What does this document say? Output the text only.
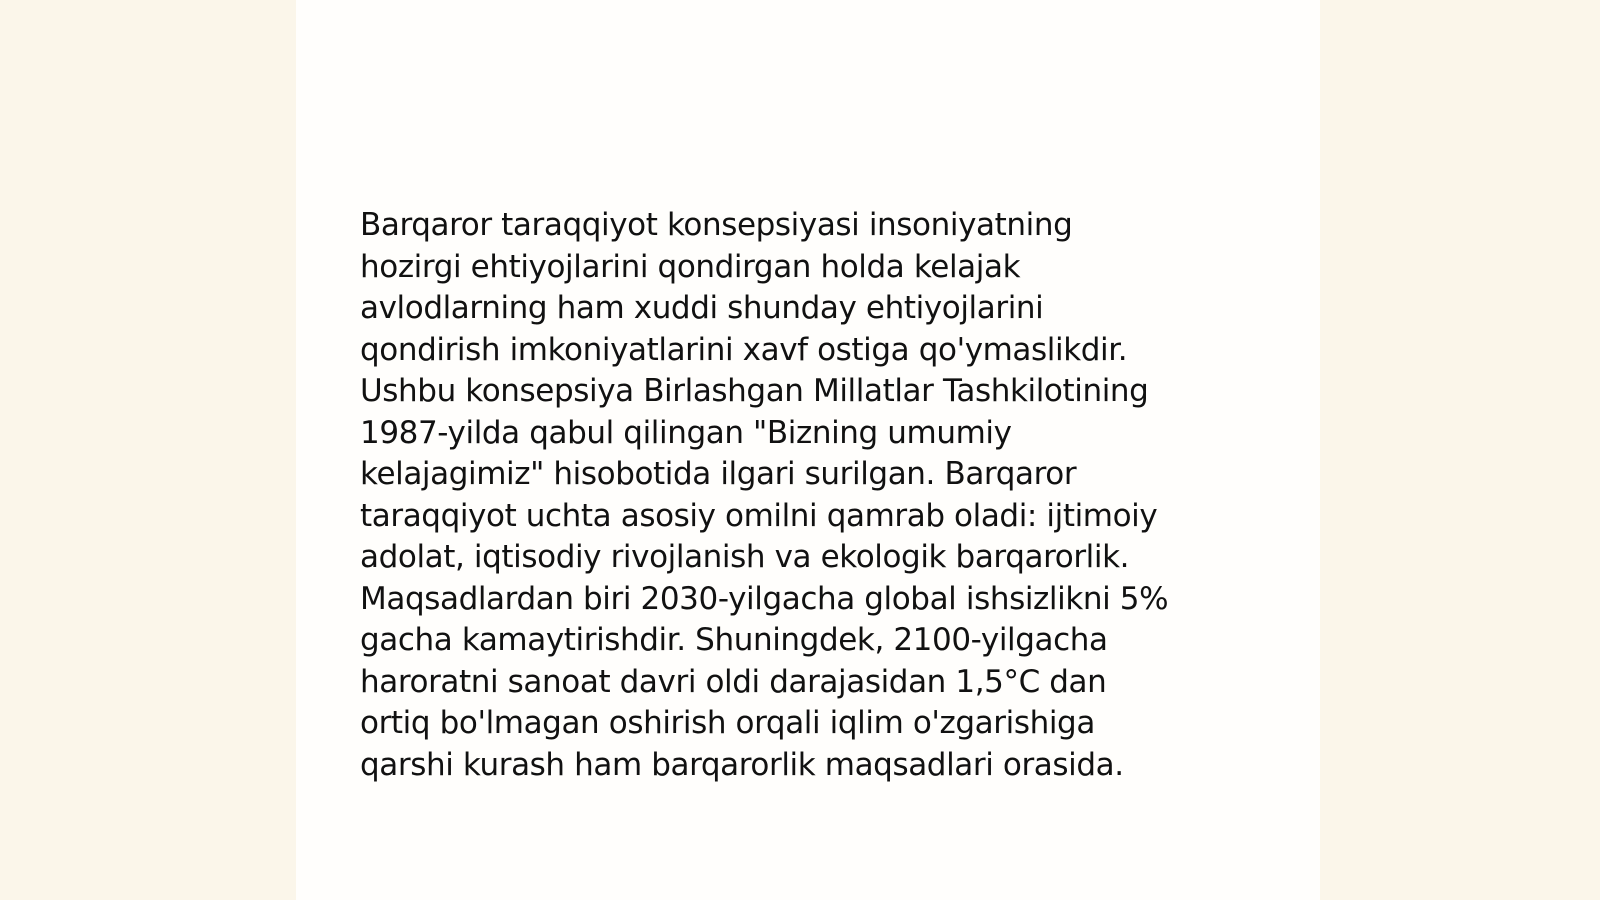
Barqaror taraqqiyot konsepsiyasi insoniyatning
hozirgi ehtiyojlarini qondirgan holda kelajak
avlodlarning ham xuddi shunday ehtiyojlarini
qondirish imkoniyatlarini xavf ostiga qo'ymaslikdir.
Ushbu konsepsiya Birlashgan Millatlar Tashkilotining
1987-yilda qabul qilingan "Bizning umumiy
kelajagimiz" hisobotida ilgari surilgan. Barqaror
taraqqiyot uchta asosiy omilni qamrab oladi: ijtimoiy
adolat, iqtisodiy rivojlanish va ekologik barqarorlik.
Maqsadlardan biri 2030-yilgacha global ishsizlikni 5%
gacha kamaytirishdir. Shuningdek, 2100-yilgacha
haroratni sanoat davri oldi darajasidan 1,5°C dan
ortiq bo'lmagan oshirish orqali iqlim o'zgarishiga
qarshi kurash ham barqarorlik maqsadlari orasida.
